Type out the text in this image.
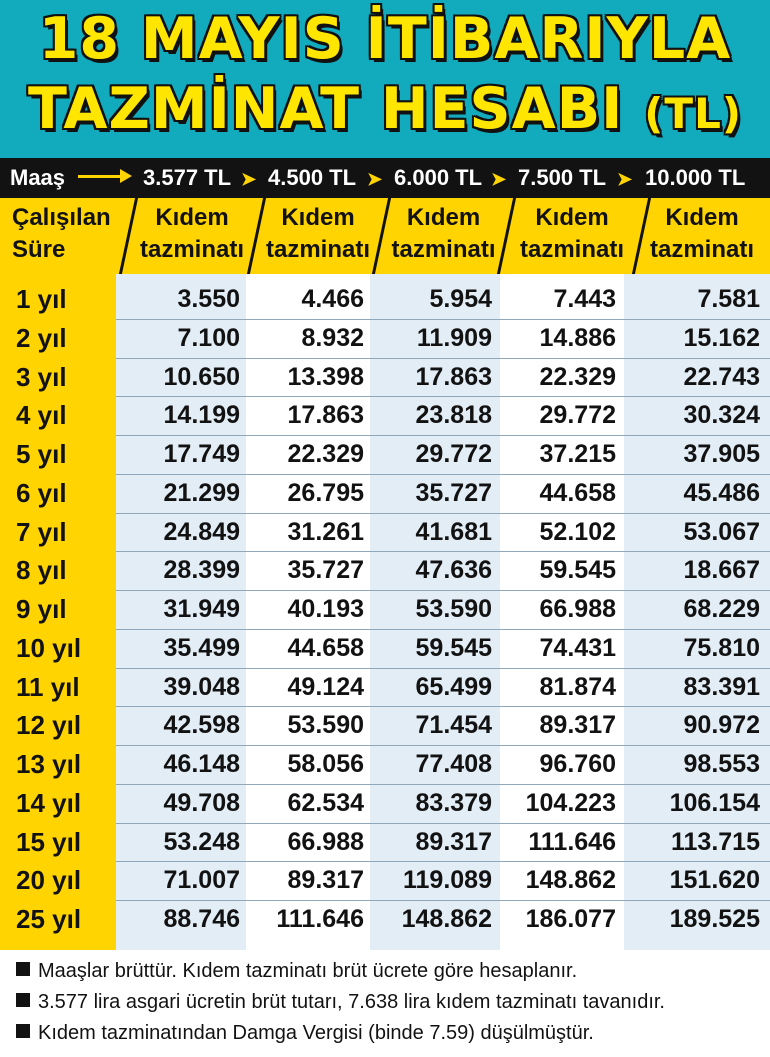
18 MAYIS İTİBARIYLA
TAZMİNAT HESABI (TL)
Maaş	3.577 TL ➤ 4.500 TL ➤ 6.000 TL ➤ 7.500 TL ➤ 10.000 TL
Çalışılan
Süre
Kıdem
tazminatı
Kıdem
tazminatı
Kıdem
tazminatı
Kıdem
tazminatı
Kıdem
tazminatı
1 yıl	3.550	4.466	5.954	7.443	7.581
2 yıl	7.100	8.932	11.909	14.886	15.162
3 yıl	10.650	13.398	17.863	22.329	22.743
4 yıl	14.199	17.863	23.818	29.772	30.324
5 yıl	17.749	22.329	29.772	37.215	37.905
6 yıl	21.299	26.795	35.727	44.658	45.486
7 yıl	24.849	31.261	41.681	52.102	53.067
8 yıl	28.399	35.727	47.636	59.545	18.667
9 yıl	31.949	40.193	53.590	66.988	68.229
10 yıl	35.499	44.658	59.545	74.431	75.810
11 yıl	39.048	49.124	65.499	81.874	83.391
12 yıl	42.598	53.590	71.454	89.317	90.972
13 yıl	46.148	58.056	77.408	96.760	98.553
14 yıl	49.708	62.534	83.379	104.223	106.154
15 yıl	53.248	66.988	89.317	111.646	113.715
20 yıl	71.007	89.317	119.089	148.862	151.620
25 yıl	88.746	111.646	148.862	186.077	189.525
Maaşlar brüttür. Kıdem tazminatı brüt ücrete göre hesaplanır.
3.577 lira asgari ücretin brüt tutarı, 7.638 lira kıdem tazminatı tavanıdır.
Kıdem tazminatından Damga Vergisi (binde 7.59) düşülmüştür.
